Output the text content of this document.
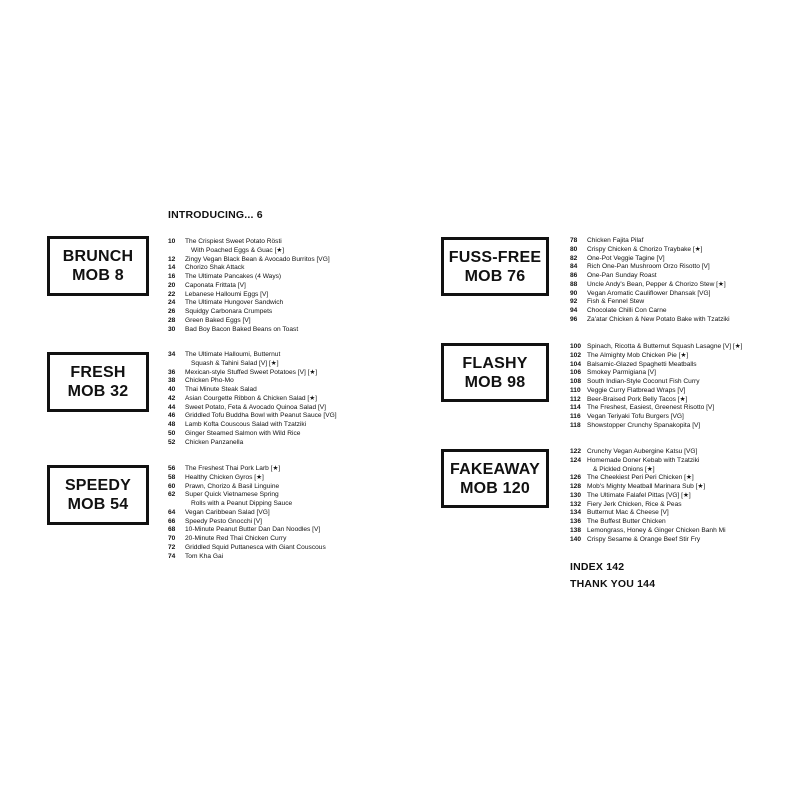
INTRODUCING... 6
BRUNCH
MOB 8
10	The Crispiest Sweet Potato Rösti
With Poached Eggs & Guac [★]
12	Zingy Vegan Black Bean & Avocado Burritos [VG]
14	Chorizo Shak Attack
16	The Ultimate Pancakes (4 Ways)
20	Caponata Frittata [V]
22	Lebanese Halloumi Eggs [V]
24	The Ultimate Hungover Sandwich
26	Squidgy Carbonara Crumpets
28	Green Baked Eggs [V]
30	Bad Boy Bacon Baked Beans on Toast
FRESH
MOB 32
34	The Ultimate Halloumi, Butternut
Squash & Tahini Salad [V] [★]
36	Mexican-style Stuffed Sweet Potatoes [V] [★]
38	Chicken Pho-Mo
40	Thai Minute Steak Salad
42	Asian Courgette Ribbon & Chicken Salad [★]
44	Sweet Potato, Feta & Avocado Quinoa Salad [V]
46	Griddled Tofu Buddha Bowl with Peanut Sauce [VG]
48	Lamb Kofta Couscous Salad with Tzatziki
50	Ginger Steamed Salmon with Wild Rice
52	Chicken Panzanella
SPEEDY
MOB 54
56	The Freshest Thai Pork Larb [★]
58	Healthy Chicken Gyros [★]
60	Prawn, Chorizo & Basil Linguine
62	Super Quick Vietnamese Spring
Rolls with a Peanut Dipping Sauce
64	Vegan Caribbean Salad [VG]
66	Speedy Pesto Gnocchi [V]
68	10-Minute Peanut Butter Dan Dan Noodles [V]
70	20-Minute Red Thai Chicken Curry
72	Griddled Squid Puttanesca with Giant Couscous
74	Tom Kha Gai
FUSS-FREE
MOB 76
78	Chicken Fajita Pilaf
80	Crispy Chicken & Chorizo Traybake [★]
82	One-Pot Veggie Tagine [V]
84	Rich One-Pan Mushroom Orzo Risotto [V]
86	One-Pan Sunday Roast
88	Uncle Andy's Bean, Pepper & Chorizo Stew [★]
90	Vegan Aromatic Cauliflower Dhansak [VG]
92	Fish & Fennel Stew
94	Chocolate Chilli Con Carne
96	Za'atar Chicken & New Potato Bake with Tzatziki
FLASHY
MOB 98
100 Spinach, Ricotta & Butternut Squash Lasagne [V] [★]
102 The Almighty Mob Chicken Pie [★]
104 Balsamic-Glazed Spaghetti Meatballs
106 Smokey Parmigiana [V]
108 South Indian-Style Coconut Fish Curry
110 Veggie Curry Flatbread Wraps [V]
112 Beer-Braised Pork Belly Tacos [★]
114 The Freshest, Easiest, Greenest Risotto [V]
116 Vegan Teriyaki Tofu Burgers [VG]
118 Showstopper Crunchy Spanakopita [V]
FAKEAWAY
MOB 120
122 Crunchy Vegan Aubergine Katsu [VG]
124 Homemade Doner Kebab with Tzatziki
& Pickled Onions [★]
126 The Cheekiest Peri Peri Chicken [★]
128 Mob's Mighty Meatball Marinara Sub [★]
130 The Ultimate Falafel Pittas [VG] [★]
132 Fiery Jerk Chicken, Rice & Peas
134 Butternut Mac & Cheese [V]
136 The Buffest Butter Chicken
138 Lemongrass, Honey & Ginger Chicken Banh Mi
140 Crispy Sesame & Orange Beef Stir Fry
INDEX 142
THANK YOU 144
